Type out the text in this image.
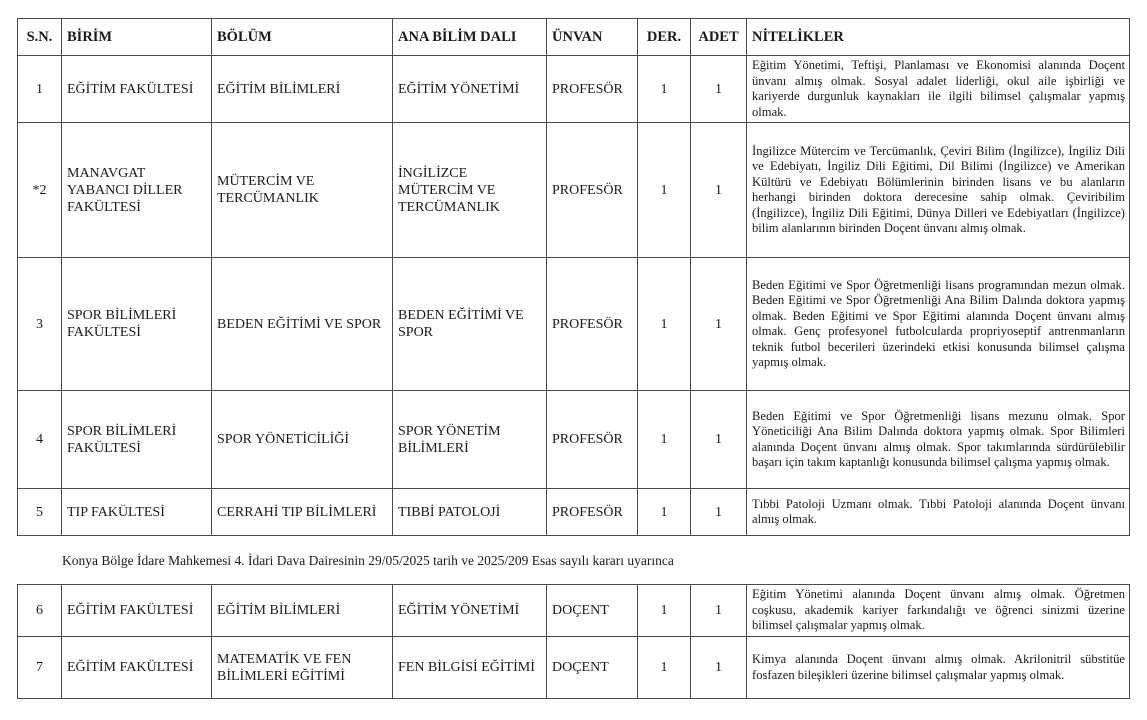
S.N.	BİRİM	BÖLÜM	ANA BİLİM DALI	ÜNVAN	DER.	ADET	NİTELİKLER
1	EĞİTİM FAKÜLTESİ	EĞİTİM BİLİMLERİ	EĞİTİM YÖNETİMİ	PROFESÖR	1	1	Eğitim Yönetimi, Teftişi, Planlaması ve Ekonomisi alanında Doçent ünvanı almış olmak. Sosyal adalet liderliği, okul aile işbirliği ve kariyerde durgunluk kaynakları ile ilgili bilimsel çalışmalar yapmış olmak.
*2	MANAVGAT YABANCI DİLLER FAKÜLTESİ	MÜTERCİM VE TERCÜMANLIK	İNGİLİZCE MÜTERCİM VE TERCÜMANLIK	PROFESÖR	1	1	İngilizce Mütercim ve Tercümanlık, Çeviri Bilim (İngilizce), İngiliz Dili ve Edebiyatı, İngiliz Dili Eğitimi, Dil Bilimi (İngilizce) ve Amerikan Kültürü ve Edebiyatı Bölümlerinin birinden lisans ve bu alanların herhangi birinden doktora derecesine sahip olmak. Çeviribilim (İngilizce), İngiliz Dili Eğitimi, Dünya Dilleri ve Edebiyatları (İngilizce) bilim alanlarının birinden Doçent ünvanı almış olmak.
3	SPOR BİLİMLERİ FAKÜLTESİ	BEDEN EĞİTİMİ VE SPOR	BEDEN EĞİTİMİ VE SPOR	PROFESÖR	1	1	Beden Eğitimi ve Spor Öğretmenliği lisans programından mezun olmak. Beden Eğitimi ve Spor Öğretmenliği Ana Bilim Dalında doktora yapmış olmak. Beden Eğitimi ve Spor Eğitimi alanında Doçent ünvanı almış olmak. Genç profesyonel futbolcularda propriyoseptif antrenmanların teknik futbol becerileri üzerindeki etkisi konusunda bilimsel çalışma yapmış olmak.
4	SPOR BİLİMLERİ FAKÜLTESİ	SPOR YÖNETİCİLİĞİ	SPOR YÖNETİM BİLİMLERİ	PROFESÖR	1	1	Beden Eğitimi ve Spor Öğretmenliği lisans mezunu olmak. Spor Yöneticiliği Ana Bilim Dalında doktora yapmış olmak. Spor Bilimleri alanında Doçent ünvanı almış olmak. Spor takımlarında sürdürülebilir başarı için takım kaptanlığı konusunda bilimsel çalışma yapmış olmak.
5	TIP FAKÜLTESİ	CERRAHİ TIP BİLİMLERİ	TIBBİ PATOLOJİ	PROFESÖR	1	1	Tıbbi Patoloji Uzmanı olmak. Tıbbi Patoloji alanında Doçent ünvanı almış olmak.
Konya Bölge İdare Mahkemesi 4. İdari Dava Dairesinin 29/05/2025 tarih ve 2025/209 Esas sayılı kararı uyarınca							
6	EĞİTİM FAKÜLTESİ	EĞİTİM BİLİMLERİ	EĞİTİM YÖNETİMİ	DOÇENT	1	1	Eğitim Yönetimi alanında Doçent ünvanı almış olmak. Öğretmen coşkusu, akademik kariyer farkındalığı ve öğrenci sinizmi üzerine bilimsel çalışmalar yapmış olmak.
7	EĞİTİM FAKÜLTESİ	MATEMATİK VE FEN BİLİMLERİ EĞİTİMİ	FEN BİLGİSİ EĞİTİMİ	DOÇENT	1	1	Kimya alanında Doçent ünvanı almış olmak. Akrilonitril sübstitüe fosfazen bileşikleri üzerine bilimsel çalışmalar yapmış olmak.
